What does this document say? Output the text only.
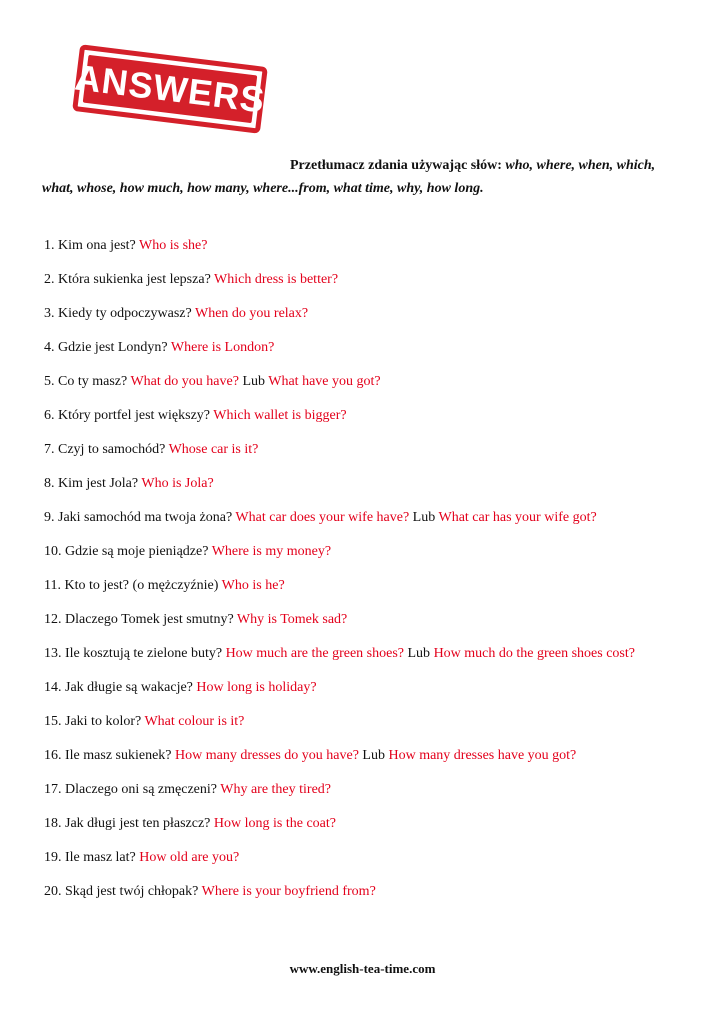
ANSWERS
Przetłumacz zdania używając słów: who, where, when, which, what, whose, how much, how many, where...from, what time, why, how long.
1. Kim ona jest? Who is she?
2. Która sukienka jest lepsza? Which dress is better?
3. Kiedy ty odpoczywasz? When do you relax?
4. Gdzie jest Londyn? Where is London?
5. Co ty masz? What do you have? Lub What have you got?
6. Który portfel jest większy? Which wallet is bigger?
7. Czyj to samochód? Whose car is it?
8. Kim jest Jola? Who is Jola?
9. Jaki samochód ma twoja żona? What car does your wife have? Lub What car has your wife got?
10. Gdzie są moje pieniądze? Where is my money?
11. Kto to jest? (o mężczyźnie) Who is he?
12. Dlaczego Tomek jest smutny? Why is Tomek sad?
13. Ile kosztują te zielone buty? How much are the green shoes? Lub How much do the green shoes cost?
14. Jak długie są wakacje? How long is holiday?
15. Jaki to kolor? What colour is it?
16. Ile masz sukienek? How many dresses do you have? Lub How many dresses have you got?
17. Dlaczego oni są zmęczeni? Why are they tired?
18. Jak długi jest ten płaszcz? How long is the coat?
19. Ile masz lat? How old are you?
20. Skąd jest twój chłopak? Where is your boyfriend from?
www.english-tea-time.com
